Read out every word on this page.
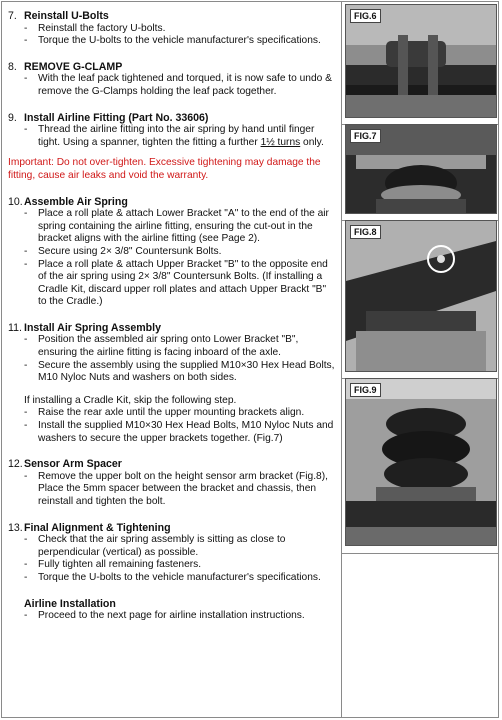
7. Reinstall U-Bolts
-	Reinstall the factory U-bolts.
-	Torque the U-bolts to the vehicle manufacturer's specifications.
8. REMOVE G-CLAMP
-	With the leaf pack tightened and torqued, it is now safe to undo & remove the G-Clamps holding the leaf pack together.
9. Install Airline Fitting (Part No. 33606)
-	Thread the airline fitting into the air spring by hand until finger tight. Using a spanner, tighten the fitting a further 1½ turns only.
Important: Do not over-tighten. Excessive tightening may damage the fitting, cause air leaks and void the warranty.
10. Assemble Air Spring
-	Place a roll plate & attach Lower Bracket "A" to the end of the air spring containing the airline fitting, ensuring the cut-out in the bracket aligns with the airline fitting (see Page 2).
-	Secure using 2× 3/8" Countersunk Bolts.
-	Place a roll plate & attach Upper Bracket "B" to the opposite end of the air spring using 2× 3/8" Countersunk Bolts. (If installing a Cradle Kit, discard upper roll plates and attach Upper Brackt "B" to the Cradle.)
11. Install Air Spring Assembly
-	Position the assembled air spring onto Lower Bracket "B", ensuring the airline fitting is facing inboard of the axle.
-	Secure the assembly using the supplied M10×30 Hex Head Bolts, M10 Nyloc Nuts and washers on both sides.
If installing a Cradle Kit, skip the following step.
-	Raise the rear axle until the upper mounting brackets align.
-	Install the supplied M10×30 Hex Head Bolts, M10 Nyloc Nuts and washers to secure the upper brackets together. (Fig.7)
12. Sensor Arm Spacer
-	Remove the upper bolt on the height sensor arm bracket (Fig.8), Place the 5mm spacer between the bracket and chassis, then reinstall and tighten the bolt.
13. Final Alignment & Tightening
-	Check that the air spring assembly is sitting as close to perpendicular (vertical) as possible.
-	Fully tighten all remaining fasteners.
-	Torque the U-bolts to the vehicle manufacturer's specifications.
Airline Installation
-	Proceed to the next page for airline installation instructions.
FIG.6
FIG.7
FIG.8
FIG.9
